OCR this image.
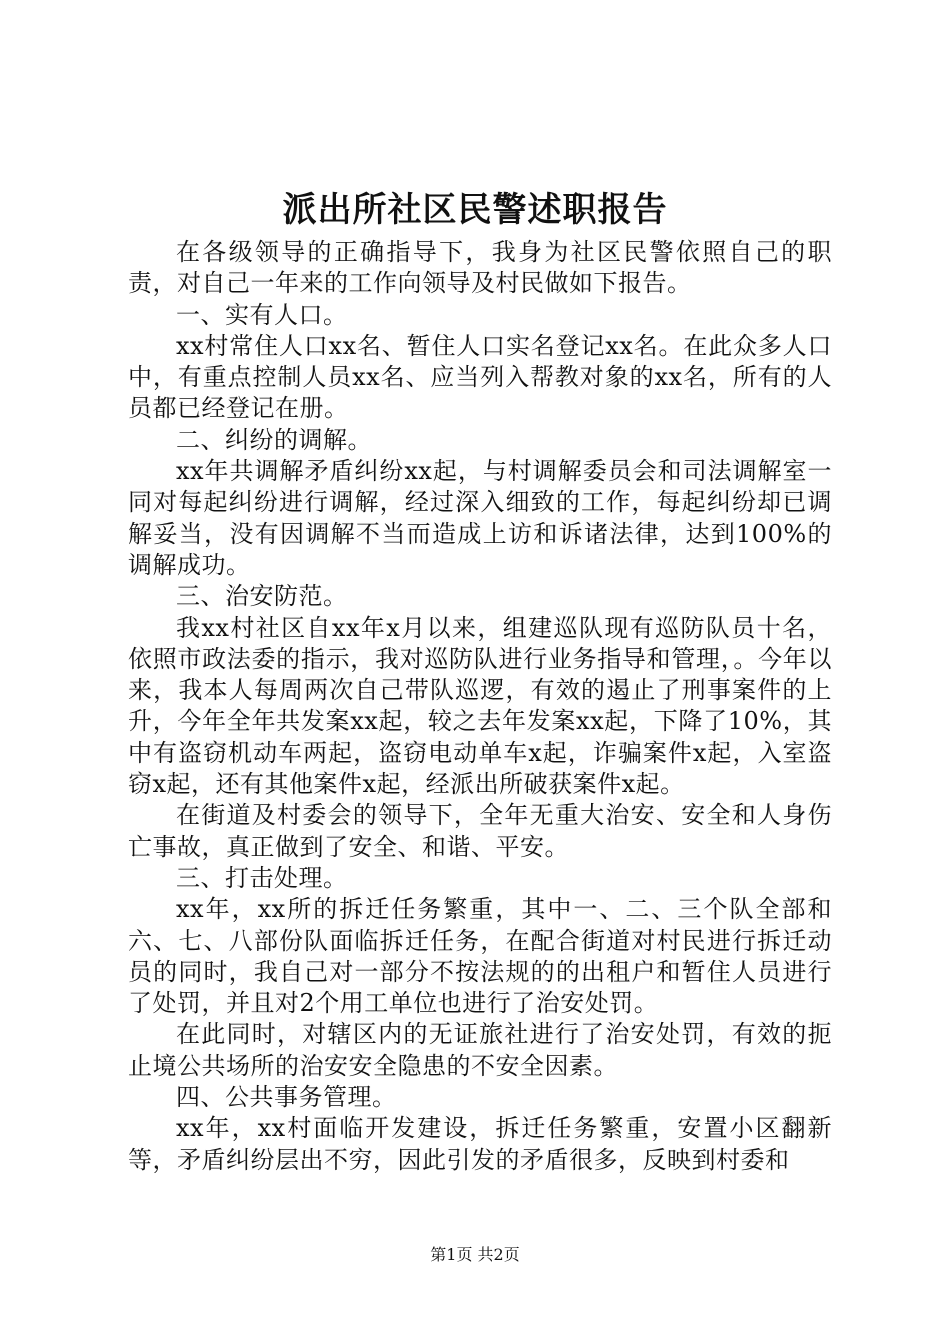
派出所社区民警述职报告

在各级领导的正确指导下，我身为社区民警依照自己的职责，对自己一年来的工作向领导及村民做如下报告。

一、实有人口。

xx村常住人口xx名、暂住人口实名登记xx名。在此众多人口中，有重点控制人员xx名、应当列入帮教对象的xx名，所有的人员都已经登记在册。

二、纠纷的调解。

xx年共调解矛盾纠纷xx起，与村调解委员会和司法调解室一同对每起纠纷进行调解，经过深入细致的工作，每起纠纷却已调解妥当，没有因调解不当而造成上访和诉诸法律，达到100%的调解成功。

三、治安防范。

我xx村社区自xx年x月以来，组建巡队现有巡防队员十名，依照市政法委的指示，我对巡防队进行业务指导和管理，。今年以来，我本人每周两次自己带队巡逻，有效的遏止了刑事案件的上升，今年全年共发案xx起，较之去年发案xx起，下降了10%，其中有盗窃机动车两起，盗窃电动单车x起，诈骗案件x起，入室盗窃x起，还有其他案件x起，经派出所破获案件x起。

在街道及村委会的领导下，全年无重大治安、安全和人身伤亡事故，真正做到了安全、和谐、平安。

三、打击处理。

xx年，xx所的拆迁任务繁重，其中一、二、三个队全部和六、七、八部份队面临拆迁任务，在配合街道对村民进行拆迁动员的同时，我自己对一部分不按法规的的出租户和暂住人员进行了处罚，并且对2个用工单位也进行了治安处罚。

在此同时，对辖区内的无证旅社进行了治安处罚，有效的扼止境公共场所的治安安全隐患的不安全因素。

四、公共事务管理。

xx年，xx村面临开发建设，拆迁任务繁重，安置小区翻新等，矛盾纠纷层出不穷，因此引发的矛盾很多，反映到村委和

第1页 共2页
